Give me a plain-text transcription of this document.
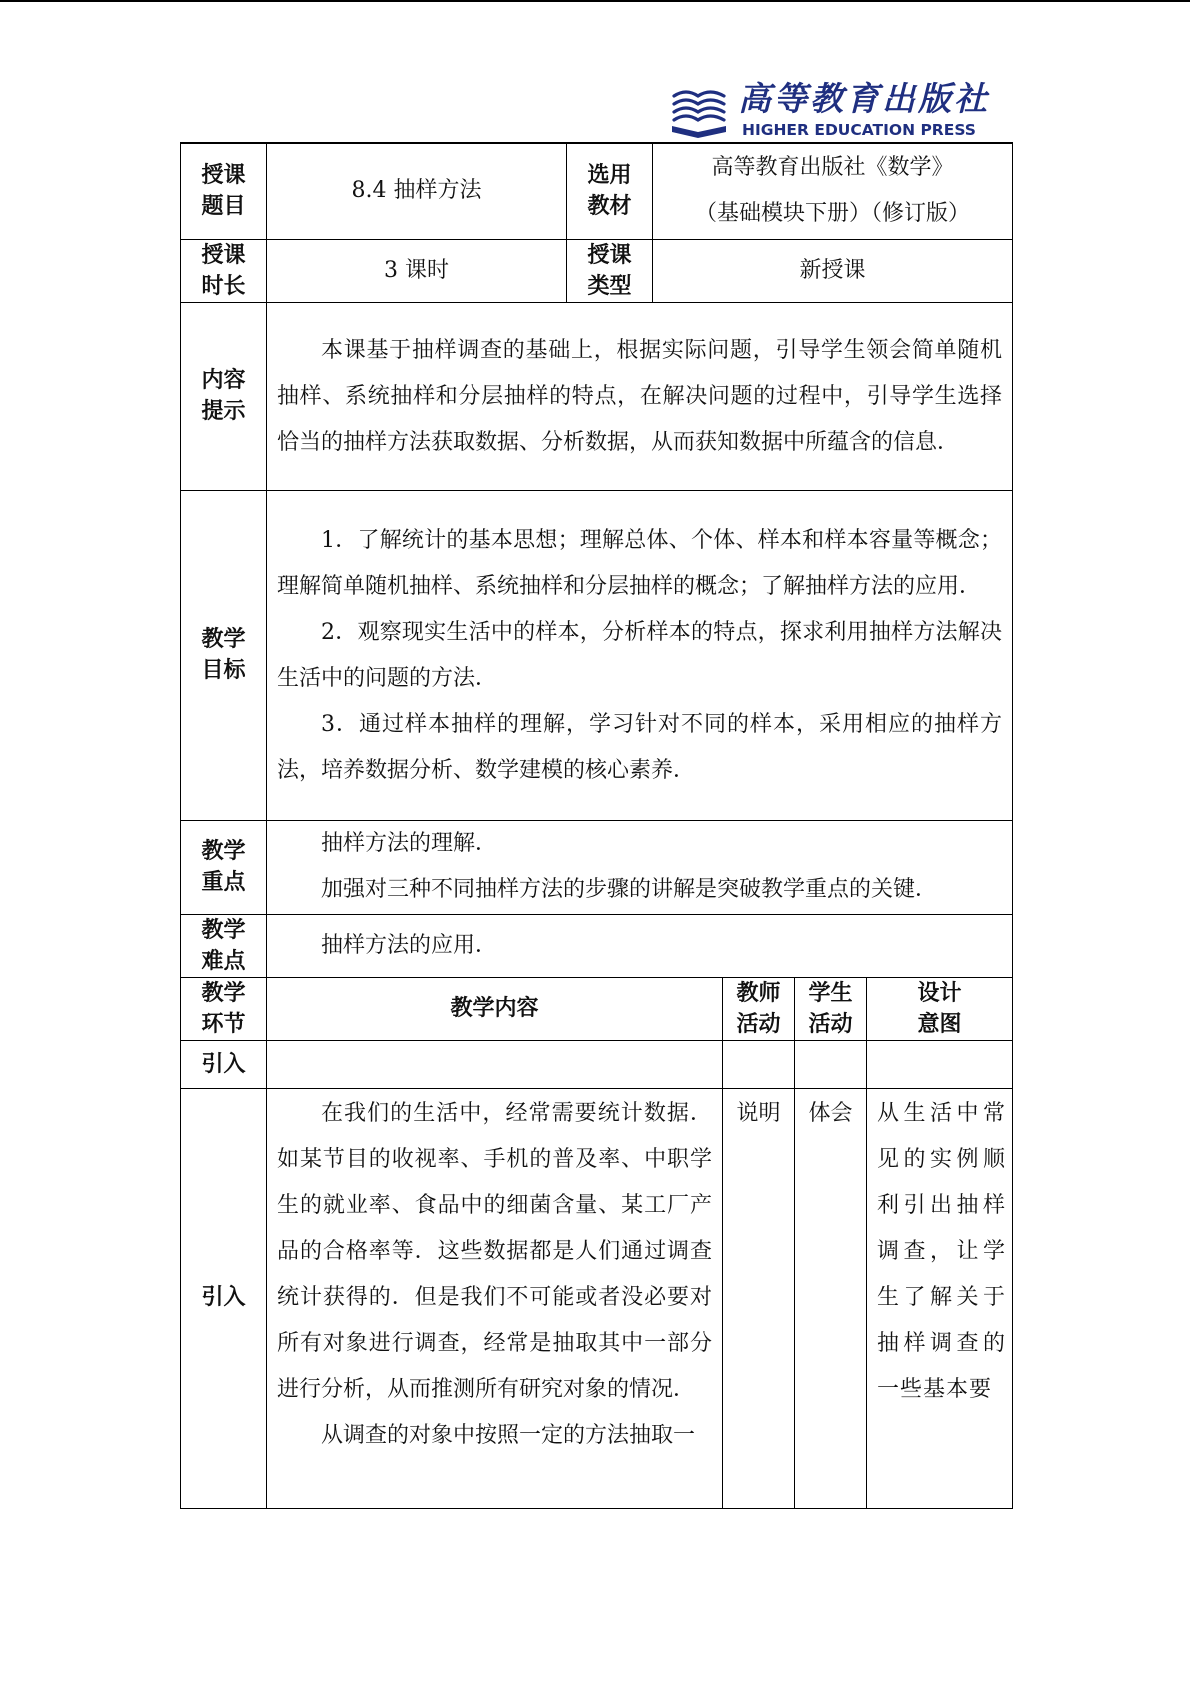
高等教育出版社
HIGHER EDUCATION PRESS
授课题目	8.4 抽样方法	选用教材	高等教育出版社《数学》
（基础模块下册）（修订版）			

授课时长	3 课时	授课类型	新授课			
内容提示	本课基于抽样调查的基础上，根据实际问题，引导学生领会简单随机抽样、系统抽样和分层抽样的特点，在解决问题的过程中，引导学生选择恰当的抽样方法获取数据、分析数据，从而获知数据中所蕴含的信息．					

教学目标	1．了解统计的基本思想；理解总体、个体、样本和样本容量等概念；理解简单随机抽样、系统抽样和分层抽样的概念；了解抽样方法的应用．

2．观察现实生活中的样本，分析样本的特点，探求利用抽样方法解决生活中的问题的方法．

3．通过样本抽样的理解，学习针对不同的样本，采用相应的抽样方法，培养数据分析、数学建模的核心素养．					

教学重点	抽样方法的理解．

加强对三种不同抽样方法的步骤的讲解是突破教学重点的关键．					

教学难点	抽样方法的应用．					

教学环节	教学内容			教师活动	学生活动	设计意图
引入						
引入	在我们的生活中，经常需要统计数据．如某节目的收视率、手机的普及率、中职学生的就业率、食品中的细菌含量、某工厂产品的合格率等．这些数据都是人们通过调查统计获得的．但是我们不可能或者没必要对所有对象进行调查，经常是抽取其中一部分进行分析，从而推测所有研究对象的情况．

从调查的对象中按照一定的方法抽取一			说明	体会	从生活中常见的实例顺利引出抽样调查，让学生了解关于抽样调查的一些基本要
